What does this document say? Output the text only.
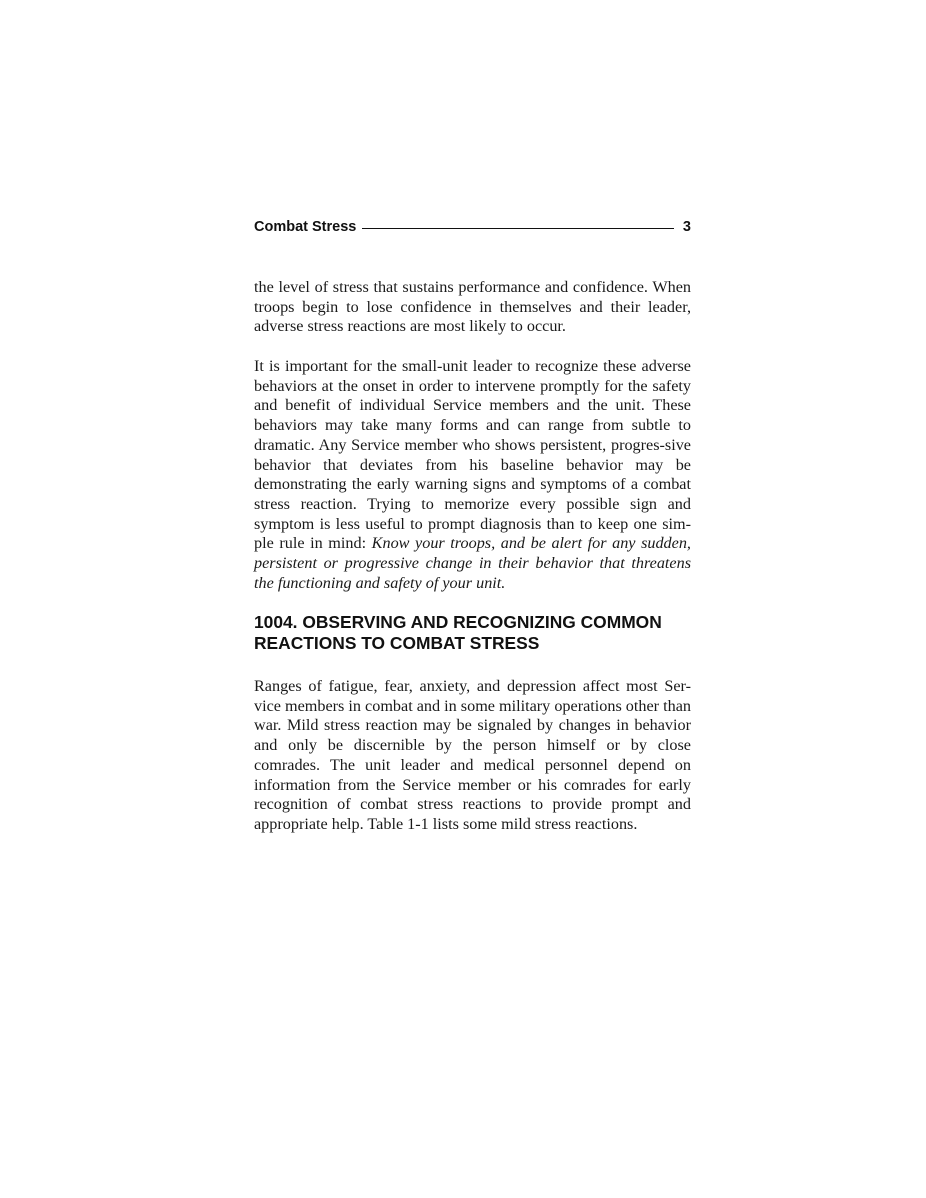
Combat Stress	3

the level of stress that sustains performance and confidence. When troops begin to lose confidence in themselves and their leader, adverse stress reactions are most likely to occur.

It is important for the small-unit leader to recognize these adverse behaviors at the onset in order to intervene promptly for the safety and benefit of individual Service members and the unit. These behaviors may take many forms and can range from subtle to dramatic. Any Service member who shows persistent, progres-sive behavior that deviates from his baseline behavior may be demonstrating the early warning signs and symptoms of a combat stress reaction. Trying to memorize every possible sign and symptom is less useful to prompt diagnosis than to keep one sim-ple rule in mind: Know your troops, and be alert for any sudden, persistent or progressive change in their behavior that threatens the functioning and safety of your unit.

1004. OBSERVING AND RECOGNIZING COMMON
REACTIONS TO COMBAT STRESS

Ranges of fatigue, fear, anxiety, and depression affect most Ser-vice members in combat and in some military operations other than war. Mild stress reaction may be signaled by changes in behavior and only be discernible by the person himself or by close comrades. The unit leader and medical personnel depend on information from the Service member or his comrades for early recognition of combat stress reactions to provide prompt and appropriate help. Table 1-1 lists some mild stress reactions.
